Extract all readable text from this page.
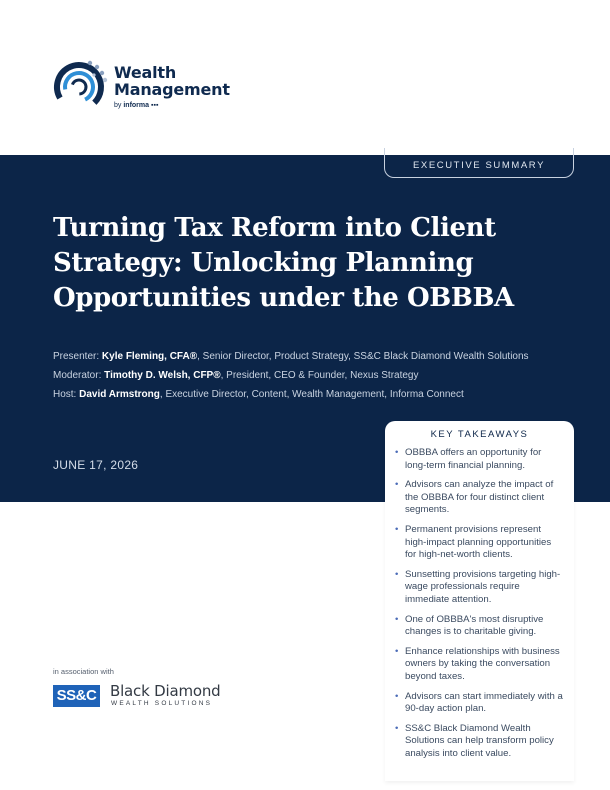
Wealth
Management
by informa ▪▪▪
EXECUTIVE SUMMARY
Turning Tax Reform into Client Strategy: Unlocking Planning Opportunities under the OBBBA
Presenter: Kyle Fleming, CFA®, Senior Director, Product Strategy, SS&C Black Diamond Wealth Solutions
Moderator: Timothy D. Welsh, CFP®, President, CEO & Founder, Nexus Strategy
Host: David Armstrong, Executive Director, Content, Wealth Management, Informa Connect
JUNE 17, 2026
KEY TAKEAWAYS
• OBBBA offers an opportunity for long-term financial planning.
• Advisors can analyze the impact of the OBBBA for four distinct client segments.
• Permanent provisions represent high-impact planning opportunities for high-net-worth clients.
• Sunsetting provisions targeting high-wage professionals require immediate attention.
• One of OBBBA's most disruptive changes is to charitable giving.
• Enhance relationships with business owners by taking the conversation beyond taxes.
• Advisors can start immediately with a 90-day action plan.
• SS&C Black Diamond Wealth Solutions can help transform policy analysis into client value.
in association with
SS&C Black Diamond
WEALTH SOLUTIONS
